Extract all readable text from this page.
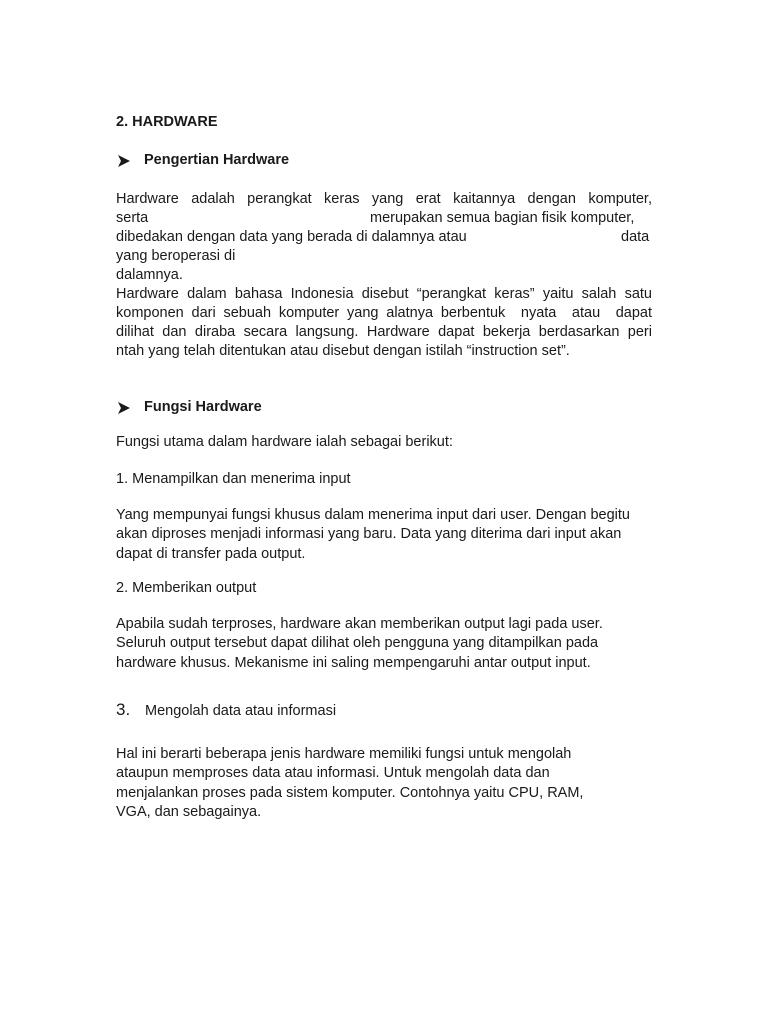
2. HARDWARE
Pengertian Hardware
Hardware adalah perangkat keras yang erat kaitannya dengan komputer,
serta	merupakan semua bagian fisik komputer,
dibedakan dengan data yang berada di dalamnya atau	data
yang beroperasi di
dalamnya.
Hardware dalam bahasa Indonesia disebut “perangkat keras” yaitu salah satu
komponen dari sebuah komputer yang alatnya berbentuk  nyata  atau  dapat
dilihat dan diraba secara langsung. Hardware dapat bekerja berdasarkan peri
ntah yang telah ditentukan atau disebut dengan istilah “instruction set”.
Fungsi Hardware
Fungsi utama dalam hardware ialah sebagai berikut:
1. Menampilkan dan menerima input
Yang mempunyai fungsi khusus dalam menerima input dari user. Dengan begitu akan diproses menjadi informasi yang baru. Data yang diterima dari input akan dapat di transfer pada output.
2. Memberikan output
Apabila sudah terproses, hardware akan memberikan output lagi pada user. Seluruh output tersebut dapat dilihat oleh pengguna yang ditampilkan pada hardware khusus. Mekanisme ini saling mempengaruhi antar output input.
3. Mengolah data atau informasi
Hal ini berarti beberapa jenis hardware memiliki fungsi untuk mengolah ataupun memproses data atau informasi. Untuk mengolah data dan menjalankan proses pada sistem komputer. Contohnya yaitu CPU, RAM, VGA, dan sebagainya.
